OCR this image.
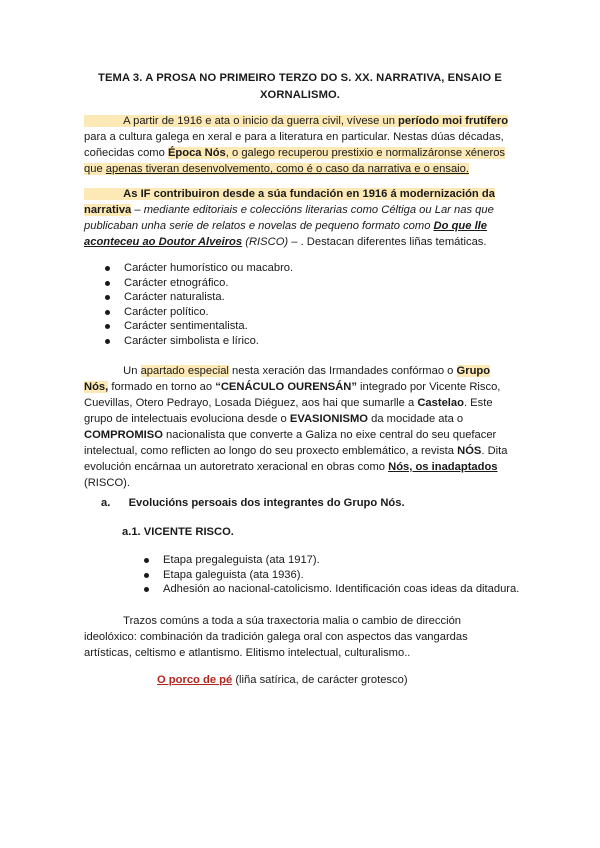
TEMA 3. A PROSA NO PRIMEIRO TERZO DO S. XX. NARRATIVA, ENSAIO E
XORNALISMO.
    A partir de 1916 e ata o inicio da guerra civil, vívese un período moi frutífero para a cultura galega en xeral e para a literatura en particular. Nestas dúas décadas, coñecidas como Época Nós, o galego recuperou prestixio e normalizáronse xéneros que apenas tiveran desenvolvemento, como é o caso da narrativa e o ensaio.
    As IF contribuiron desde a súa fundación en 1916 á modernización da narrativa – mediante editoriais e coleccións literarias como Céltiga ou Lar nas que publicaban unha serie de relatos e novelas de pequeno formato como Do que lle aconteceu ao Doutor Alveiros (RISCO) – . Destacan diferentes liñas temáticas.
Carácter humorístico ou macabro.
Carácter etnográfico.
Carácter naturalista.
Carácter político.
Carácter sentimentalista.
Carácter simbolista e lírico.
    Un apartado especial nesta xeración das Irmandades confórmao o Grupo Nós, formado en torno ao “CENÁCULO OURENSÁN” integrado por Vicente Risco, Cuevillas, Otero Pedrayo, Losada Diéguez, aos hai que sumarlle a Castelao. Este grupo de intelectuais evoluciona desde o EVASIONISMO da mocidade ata o COMPROMISO nacionalista que converte a Galiza no eixe central do seu quefacer intelectual, como reflicten ao longo do seu proxecto emblemático, a revista NÓS. Dita evolución encárnaa un autoretrato xeracional en obras como Nós, os inadaptados (RISCO).
a. Evolucións persoais dos integrantes do Grupo Nós.
a.1. VICENTE RISCO.
Etapa pregaleguista (ata 1917).
Etapa galeguista (ata 1936).
Adhesión ao nacional-catolicismo. Identificación coas ideas da ditadura.
    Trazos comúns a toda a súa traxectoria malia o cambio de dirección ideolóxico: combinación da tradición galega oral con aspectos das vangardas artísticas, celtismo e atlantismo. Elitismo intelectual, culturalismo..
O porco de pé (liña satírica, de carácter grotesco)
